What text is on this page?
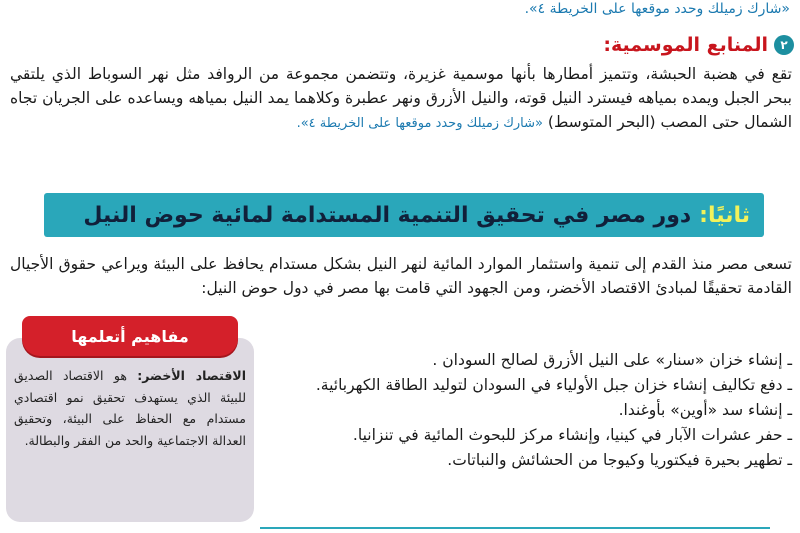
«شارك زميلك وحدد موقعها على الخريطة ٤».
٢
المنابع الموسمية:
تقع في هضبة الحبشة، وتتميز أمطارها بأنها موسمية غزيرة، وتتضمن مجموعة من الروافد مثل نهر السوباط الذي يلتقي ببحر الجبل ويمده بمياهه فيسترد النيل قوته، والنيل الأزرق ونهر عطبرة وكلاهما يمد النيل بمياهه ويساعده على الجريان تجاه الشمال حتى المصب (البحر المتوسط) «شارك زميلك وحدد موقعها على الخريطة ٤».
ثانيًا:
دور مصر في تحقيق التنمية المستدامة لمائية حوض النيل
تسعى مصر منذ القدم إلى تنمية واستثمار الموارد المائية لنهر النيل بشكل مستدام يحافظ على البيئة ويراعي حقوق الأجيال القادمة تحقيقًا لمبادئ الاقتصاد الأخضر، ومن الجهود التي قامت بها مصر في دول حوض النيل:
ـ إنشاء خزان «سنار» على النيل الأزرق لصالح السودان .
ـ دفع تكاليف إنشاء خزان جبل الأولياء في السودان لتوليد الطاقة الكهربائية.
ـ إنشاء سد «أوين» بأوغندا.
ـ حفر عشرات الآبار في كينيا، وإنشاء مركز للبحوث المائية في تنزانيا.
ـ تطهير بحيرة فيكتوريا وكيوجا من الحشائش والنباتات.
مفاهيم أتعلمها
الاقتصاد الأخضر: هو الاقتصاد الصديق للبيئة الذي يستهدف تحقيق نمو اقتصادي مستدام مع الحفاظ على البيئة، وتحقيق العدالة الاجتماعية والحد من الفقر والبطالة.
